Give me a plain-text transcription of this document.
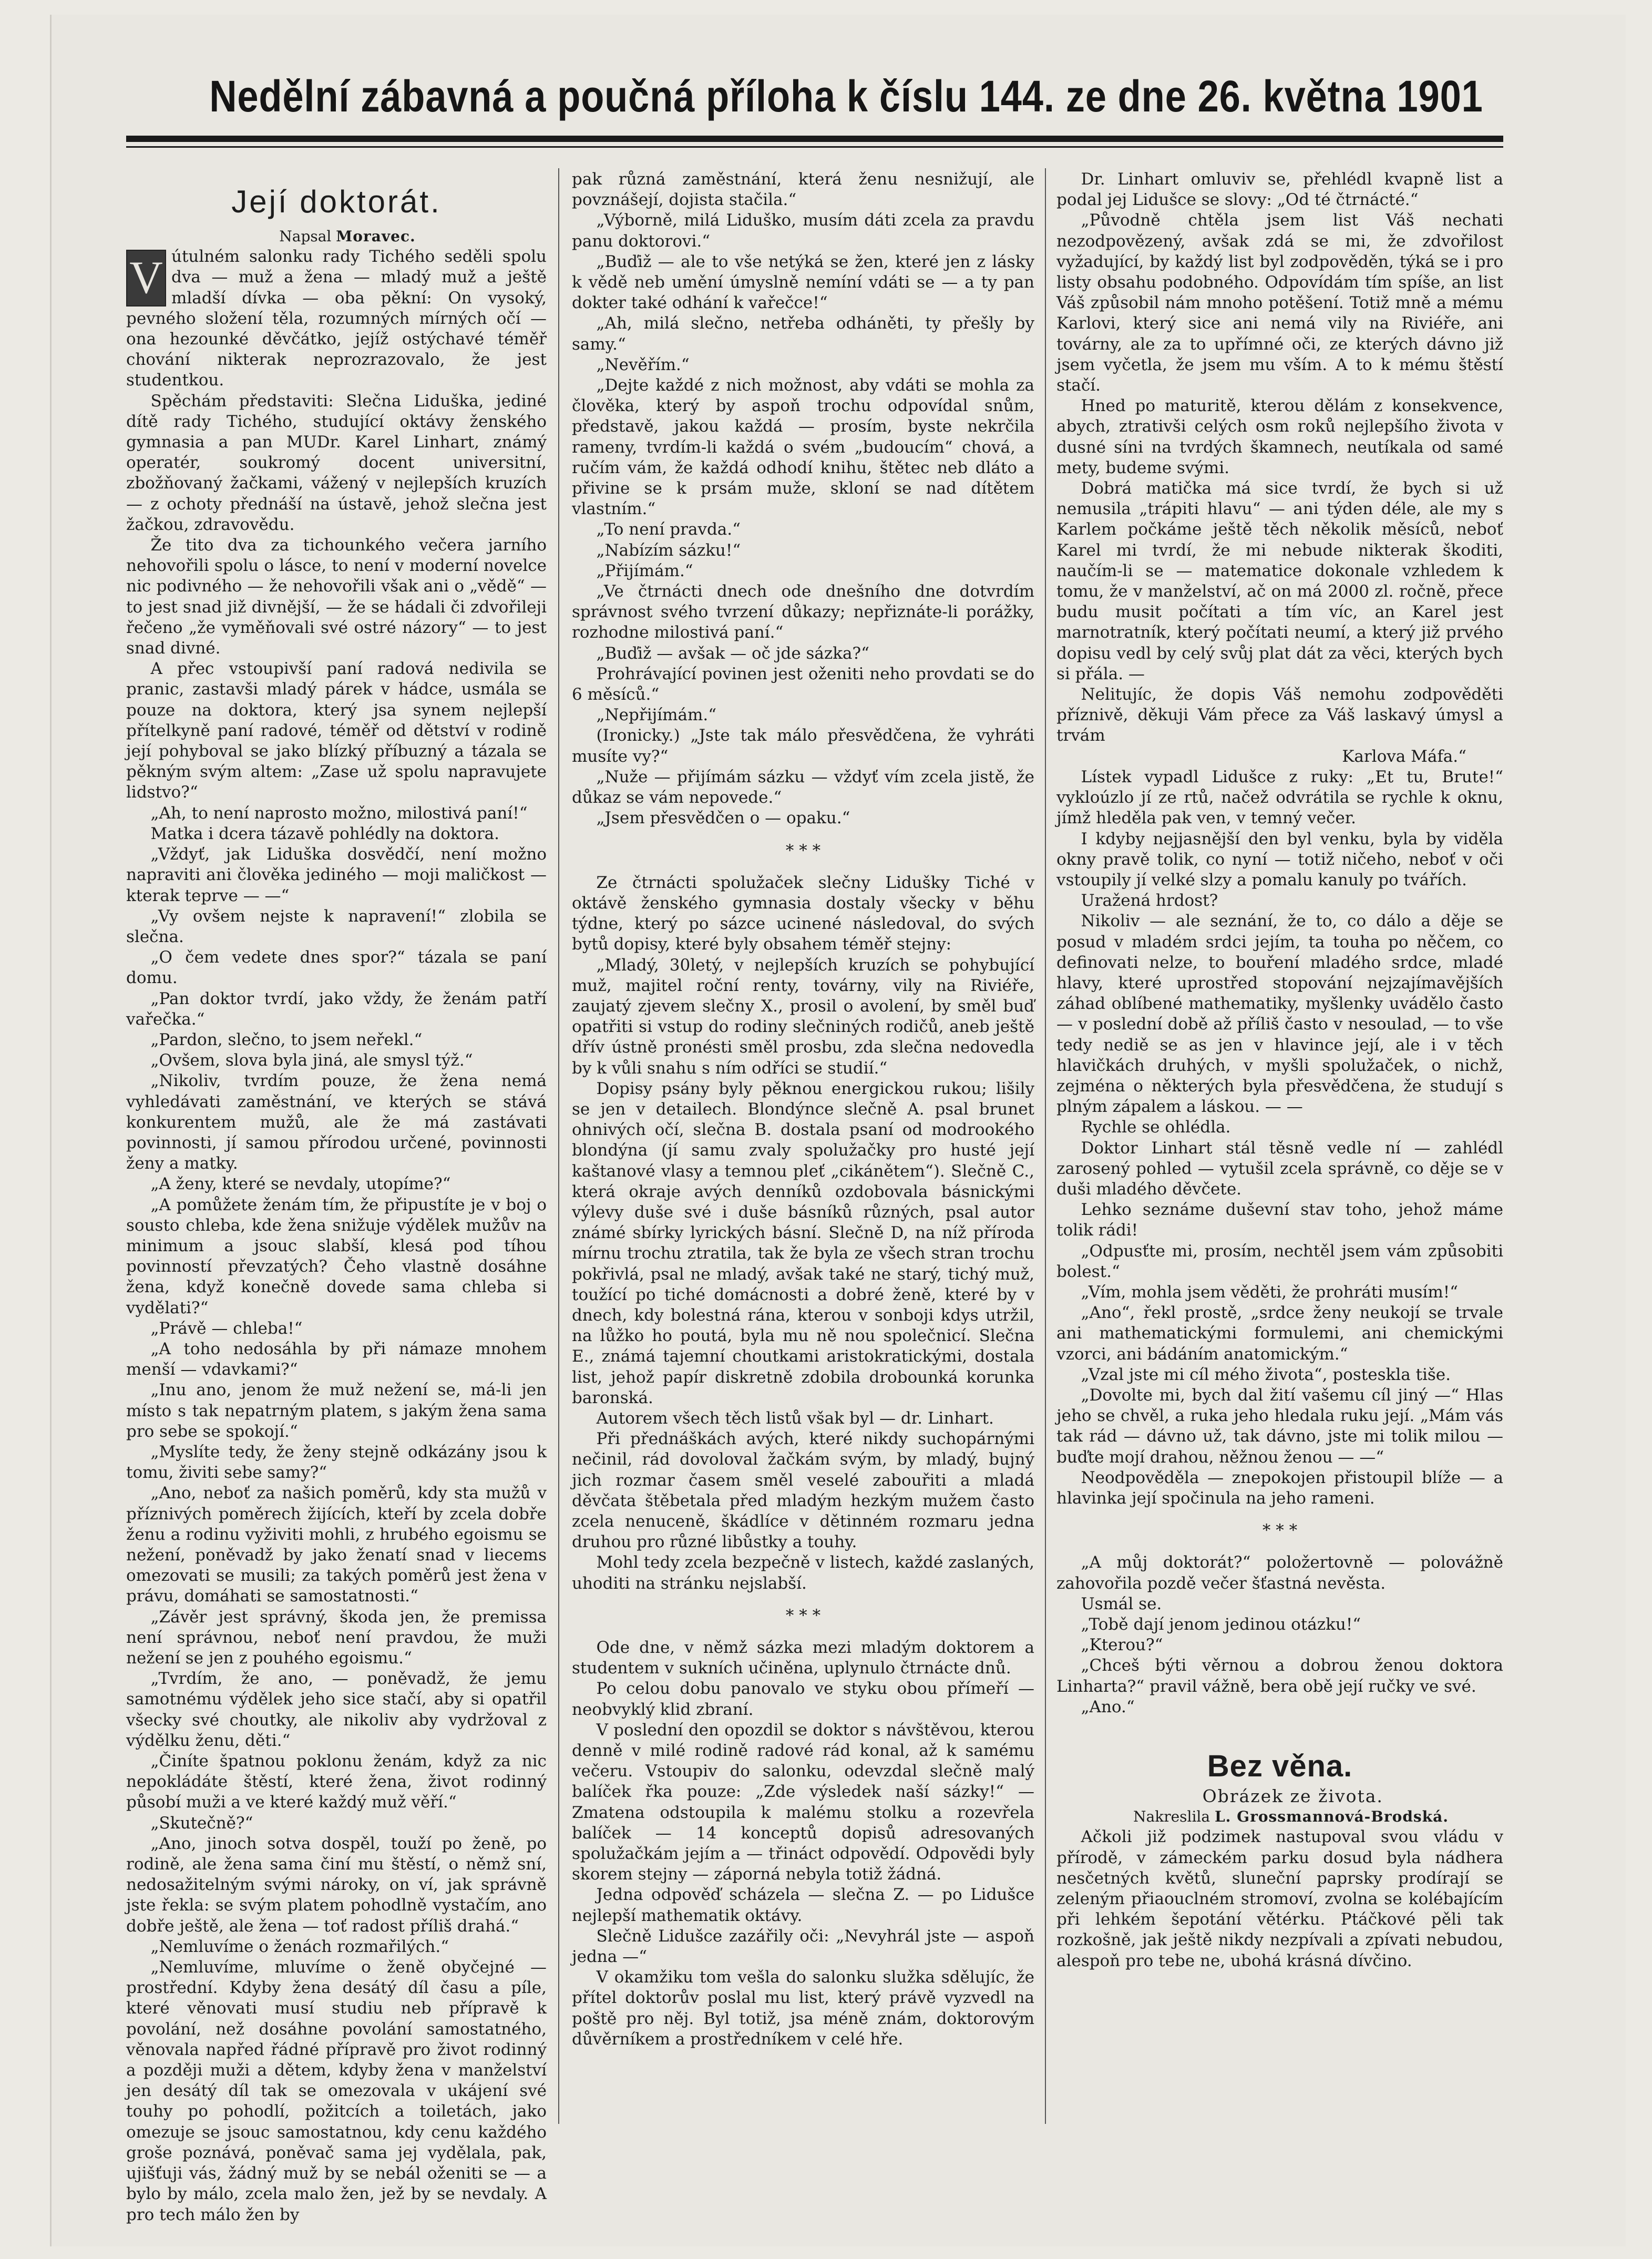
Nedělní zábavná a poučná příloha k číslu 144. ze dne 26. května 1901
Její doktorát.

Napsal Moravec.

V útulném salonku rady Tichého seděli spolu dva — muž a žena — mladý muž a ještě mladší dívka — oba pěkní: On vysoký, pevného složení těla, rozumných mírných očí — ona hezounké děvčátko, jejíž ostýchavé téměř chování nikterak neprozrazovalo, že jest studentkou.

Spěchám představiti: Slečna Liduška, jediné dítě rady Tichého, studující oktávy ženského gymnasia a pan MUDr. Karel Linhart, známý operatér, soukromý docent universitní, zbožňovaný žačkami, vážený v nejlepších kruzích — z ochoty přednáší na ústavě, jehož slečna jest žačkou, zdravovědu.

Že tito dva za tichounkého večera jarního nehovořili spolu o lásce, to není v moderní novelce nic podivného — že nehovořili však ani o „vědě“ — to jest snad již divnější, — že se hádali či zdvořileji řečeno „že vyměňovali své ostré názory“ — to jest snad divné.

A přec vstoupivší paní radová nedivila se pranic, zastavši mladý párek v hádce, usmála se pouze na doktora, který jsa synem nejlepší přítelkyně paní radové, téměř od dětství v rodině její pohyboval se jako blízký příbuzný a tázala se pěkným svým altem: „Zase už spolu napravujete lidstvo?“

„Ah, to není naprosto možno, milostivá paní!“

Matka i dcera tázavě pohlédly na doktora.

„Vždyť, jak Liduška dosvědčí, není možno napraviti ani člověka jediného — moji maličkost — kterak teprve — —“

„Vy ovšem nejste k napravení!“ zlobila se slečna.

„O čem vedete dnes spor?“ tázala se paní domu.

„Pan doktor tvrdí, jako vždy, že ženám patří vařečka.“

„Pardon, slečno, to jsem neřekl.“

„Ovšem, slova byla jiná, ale smysl týž.“

„Nikoliv, tvrdím pouze, že žena nemá vyhledávati zaměstnání, ve kterých se stává konkurentem mužů, ale že má zastávati povinnosti, jí samou přírodou určené, povinnosti ženy a matky.

„A ženy, které se nevdaly, utopíme?“

„A pomůžete ženám tím, že připustíte je v boj o sousto chleba, kde žena snižuje výdělek mužův na minimum a jsouc slabší, klesá pod tíhou povinností převzatých? Čeho vlastně dosáhne žena, když konečně dovede sama chleba si vydělati?“

„Právě — chleba!“

„A toho nedosáhla by při námaze mnohem menší — vdavkami?“

„Inu ano, jenom že muž nežení se, má-li jen místo s tak nepatrným platem, s jakým žena sama pro sebe se spokojí.“

„Myslíte tedy, že ženy stejně odkázány jsou k tomu, živiti sebe samy?“

„Ano, neboť za našich poměrů, kdy sta mužů v příznivých poměrech žijících, kteří by zcela dobře ženu a rodinu vyživiti mohli, z hrubého egoismu se nežení, poněvadž by jako ženatí snad v liecems omezovati se musili; za takých poměrů jest žena v právu, domáhati se samostatnosti.“

„Závěr jest správný, škoda jen, že premissa není správnou, neboť není pravdou, že muži nežení se jen z pouhého egoismu.“

„Tvrdím, že ano, — poněvadž, že jemu samotnému výdělek jeho sice stačí, aby si opatřil všecky své choutky, ale nikoliv aby vydržoval z výdělku ženu, děti.“

„Činíte špatnou poklonu ženám, když za nic nepokládáte štěstí, které žena, život rodinný působí muži a ve které každý muž věří.“

„Skutečně?“

„Ano, jinoch sotva dospěl, touží po ženě, po rodině, ale žena sama činí mu štěstí, o němž sní, nedosažitelným svými nároky, on ví, jak správně jste řekla: se svým platem pohodlně vystačím, ano dobře ještě, ale žena — toť radost příliš drahá.“

„Nemluvíme o ženách rozmařilých.“

„Nemluvíme, mluvíme o ženě obyčejné — prostřední. Kdyby žena desátý díl času a píle, které věnovati musí studiu neb přípravě k povolání, než dosáhne povolání samostatného, věnovala napřed řádné přípravě pro život rodinný a později muži a dětem, kdyby žena v manželství jen desátý díl tak se omezovala v ukájení své touhy po pohodlí, požitcích a toiletách, jako omezuje se jsouc samostatnou, kdy cenu každého groše poznává, poněvač sama jej vydělala, pak, ujišťuji vás, žádný muž by se nebál oženiti se — a bylo by málo, zcela malo žen, jež by se nevdaly. A pro tech málo žen by

pak různá zaměstnání, která ženu nesnižují, ale povznášejí, dojista stačila.“

„Výborně, milá Liduško, musím dáti zcela za pravdu panu doktorovi.“

„Buďiž — ale to vše netýká se žen, které jen z lásky k vědě neb umění úmyslně nemíní vdáti se — a ty pan dokter také odhání k vařečce!“

„Ah, milá slečno, netřeba odháněti, ty přešly by samy.“

„Nevěřím.“

„Dejte každé z nich možnost, aby vdáti se mohla za člověka, který by aspoň trochu odpovídal snům, představě, jakou každá — prosím, byste nekrčila rameny, tvrdím-li každá o svém „budoucím“ chová, a ručím vám, že každá odhodí knihu, štětec neb dláto a přivine se k prsám muže, skloní se nad dítětem vlastním.“

„To není pravda.“

„Nabízím sázku!“

„Přijímám.“

„Ve čtrnácti dnech ode dnešního dne dotvrdím správnost svého tvrzení důkazy; nepřiznáte-li porážky, rozhodne milostivá paní.“

„Buďiž — avšak — oč jde sázka?“

Prohrávající povinen jest oženiti neho provdati se do 6 měsíců.“

„Nepřijímám.“

(Ironicky.) „Jste tak málo přesvědčena, že vyhráti musíte vy?“

„Nuže — přijímám sázku — vždyť vím zcela jistě, že důkaz se vám nepovede.“

„Jsem přesvědčen o — opaku.“

* * *

Ze čtrnácti spolužaček slečny Lidušky Tiché v oktávě ženského gymnasia dostaly všecky v běhu týdne, který po sázce ucinené následoval, do svých bytů dopisy, které byly obsahem téměř stejny:

„Mladý, 30letý, v nejlepších kruzích se pohybující muž, majitel roční renty, továrny, vily na Riviéře, zaujatý zjevem slečny X., prosil o avolení, by směl buď opatřiti si vstup do rodiny slečniných rodičů, aneb ještě dřív ústně pronésti směl prosbu, zda slečna nedovedla by k vůli snahu s ním odříci se studií.“

Dopisy psány byly pěknou energickou rukou; lišily se jen v detailech. Blondýnce slečně A. psal brunet ohnivých očí, slečna B. dostala psaní od modrookého blondýna (jí samu zvaly spolužačky pro husté její kaštanové vlasy a temnou pleť „cikánětem“). Slečně C., která okraje avých denníků ozdobovala básnickými výlevy duše své i duše básníků různých, psal autor známé sbírky lyrických básní. Slečně D, na níž příroda mírnu trochu ztratila, tak že byla ze všech stran trochu pokřivlá, psal ne mladý, avšak také ne starý, tichý muž, toužící po tiché domácnosti a dobré ženě, které by v dnech, kdy bolestná rána, kterou v sonboji kdys utržil, na lůžko ho poutá, byla mu ně nou společnicí. Slečna E., známá tajemní choutkami aristokratickými, dostala list, jehož papír diskretně zdobila drobounká korunka baronská.

Autorem všech těch listů však byl — dr. Linhart.

Při přednáškách avých, které nikdy suchopárnými nečinil, rád dovoloval žačkám svým, by mladý, bujný jich rozmar časem směl veselé zabouřiti a mladá děvčata štěbetala před mladým hezkým mužem často zcela nenuceně, škádlíce v dětinném rozmaru jedna druhou pro různé libůstky a touhy.

Mohl tedy zcela bezpečně v listech, každé zaslaných, uhoditi na stránku nejslabší.

* * *

Ode dne, v němž sázka mezi mladým doktorem a studentem v sukních učiněna, uplynulo čtrnácte dnů.

Po celou dobu panovalo ve styku obou přímeří — neobvyklý klid zbraní.

V poslední den opozdil se doktor s návštěvou, kterou denně v milé rodině radové rád konal, až k samému večeru. Vstoupiv do salonku, odevzdal slečně malý balíček řka pouze: „Zde výsledek naší sázky!“ — Zmatena odstoupila k malému stolku a rozevřela balíček — 14 konceptů dopisů adresovaných spolužačkám jejím a — třináct odpovědí. Odpovědi byly skorem stejny — záporná nebyla totiž žádná.

Jedna odpověď scházela — slečna Z. — po Lidušce nejlepší mathematik oktávy.

Slečně Lidušce zazářily oči: „Nevyhrál jste — aspoň jedna —“

V okamžiku tom vešla do salonku služka sdělujíc, že přítel doktorův poslal mu list, který právě vyzvedl na poště pro něj. Byl totiž, jsa méně znám, doktorovým důvěrníkem a prostředníkem v celé hře.

Dr. Linhart omluviv se, přehlédl kvapně list a podal jej Lidušce se slovy: „Od té čtrnácté.“

„Původně chtěla jsem list Váš nechati nezodpovězený, avšak zdá se mi, že zdvořilost vyžadující, by každý list byl zodpověděn, týká se i pro listy obsahu podobného. Odpovídám tím spíše, an list Váš způsobil nám mnoho potěšení. Totiž mně a mému Karlovi, který sice ani nemá vily na Riviéře, ani továrny, ale za to upřímné oči, ze kterých dávno již jsem vyčetla, že jsem mu vším. A to k mému štěstí stačí.

Hned po maturitě, kterou dělám z konsekvence, abych, ztrativši celých osm roků nejlepšího života v dusné síni na tvrdých škamnech, neutíkala od samé mety, budeme svými.

Dobrá matička má sice tvrdí, že bych si už nemusila „trápiti hlavu“ — ani týden déle, ale my s Karlem počkáme ještě těch několik měsíců, neboť Karel mi tvrdí, že mi nebude nikterak škoditi, naučím-li se — matematice dokonale vzhledem k tomu, že v manželství, ač on má 2000 zl. ročně, přece budu musit počítati a tím víc, an Karel jest marnotratník, který počítati neumí, a který již prvého dopisu vedl by celý svůj plat dát za věci, kterých bych si přála. —

Nelitujíc, že dopis Váš nemohu zodpověděti příznivě, děkuji Vám přece za Váš laskavý úmysl a trvám

Karlova Máfa.“

Lístek vypadl Lidušce z ruky: „Et tu, Brute!“ vykloúzlo jí ze rtů, načež odvrátila se rychle k oknu, jímž hleděla pak ven, v temný večer.

I kdyby nejjasnější den byl venku, byla by viděla okny pravě tolik, co nyní — totiž ničeho, neboť v oči vstoupily jí velké slzy a pomalu kanuly po tvářích.

Uražená hrdost?

Nikoliv — ale seznání, že to, co dálo a děje se posud v mladém srdci jejím, ta touha po něčem, co definovati nelze, to bouření mladého srdce, mladé hlavy, které uprostřed stopování nejzajímavějších záhad oblíbené mathematiky, myšlenky uvádělo často — v poslední době až příliš často v nesoulad, — to vše tedy nediě se as jen v hlavince její, ale i v těch hlavičkách druhých, v myšli spolužaček, o nichž, zejména o některých byla přesvědčena, že studují s plným zápalem a láskou. — —

Rychle se ohlédla.

Doktor Linhart stál těsně vedle ní — zahlédl zarosený pohled — vytušil zcela správně, co děje se v duši mladého děvčete.

Lehko seznáme duševní stav toho, jehož máme tolik rádi!

„Odpusťte mi, prosím, nechtěl jsem vám způsobiti bolest.“

„Vím, mohla jsem věděti, že prohráti musím!“

„Ano“, řekl prostě, „srdce ženy neukojí se trvale ani mathematickými formulemi, ani chemickými vzorci, ani bádáním anatomickým.“

„Vzal jste mi cíl mého života“, posteskla tiše.

„Dovolte mi, bych dal žití vašemu cíl jiný —“ Hlas jeho se chvěl, a ruka jeho hledala ruku její. „Mám vás tak rád — dávno už, tak dávno, jste mi tolik milou — buďte mojí drahou, něžnou ženou — —“

Neodpověděla — znepokojen přistoupil blíže — a hlavinka její spočinula na jeho rameni.

* * *

„A můj doktorát?“ položertovně — polovážně zahovořila pozdě večer šťastná nevěsta.

Usmál se.

„Tobě dají jenom jedinou otázku!“

„Kterou?“

„Chceš býti věrnou a dobrou ženou doktora Linharta?“ pravil vážně, bera obě její ručky ve své.

„Ano.“

Bez věna.

Obrázek ze života.

Nakreslila L. Grossmannová-Brodská.

Ačkoli již podzimek nastupoval svou vládu v přírodě, v zámeckém parku dosud byla nádhera nesčetných květů, sluneční paprsky prodírají se zeleným přiaouclném stromoví, zvolna se kolébajícím při lehkém šepotání větérku. Ptáčkové pěli tak rozkošně, jak ještě nikdy nezpívali a zpívati nebudou, alespoň pro tebe ne, ubohá krásná dívčino.
